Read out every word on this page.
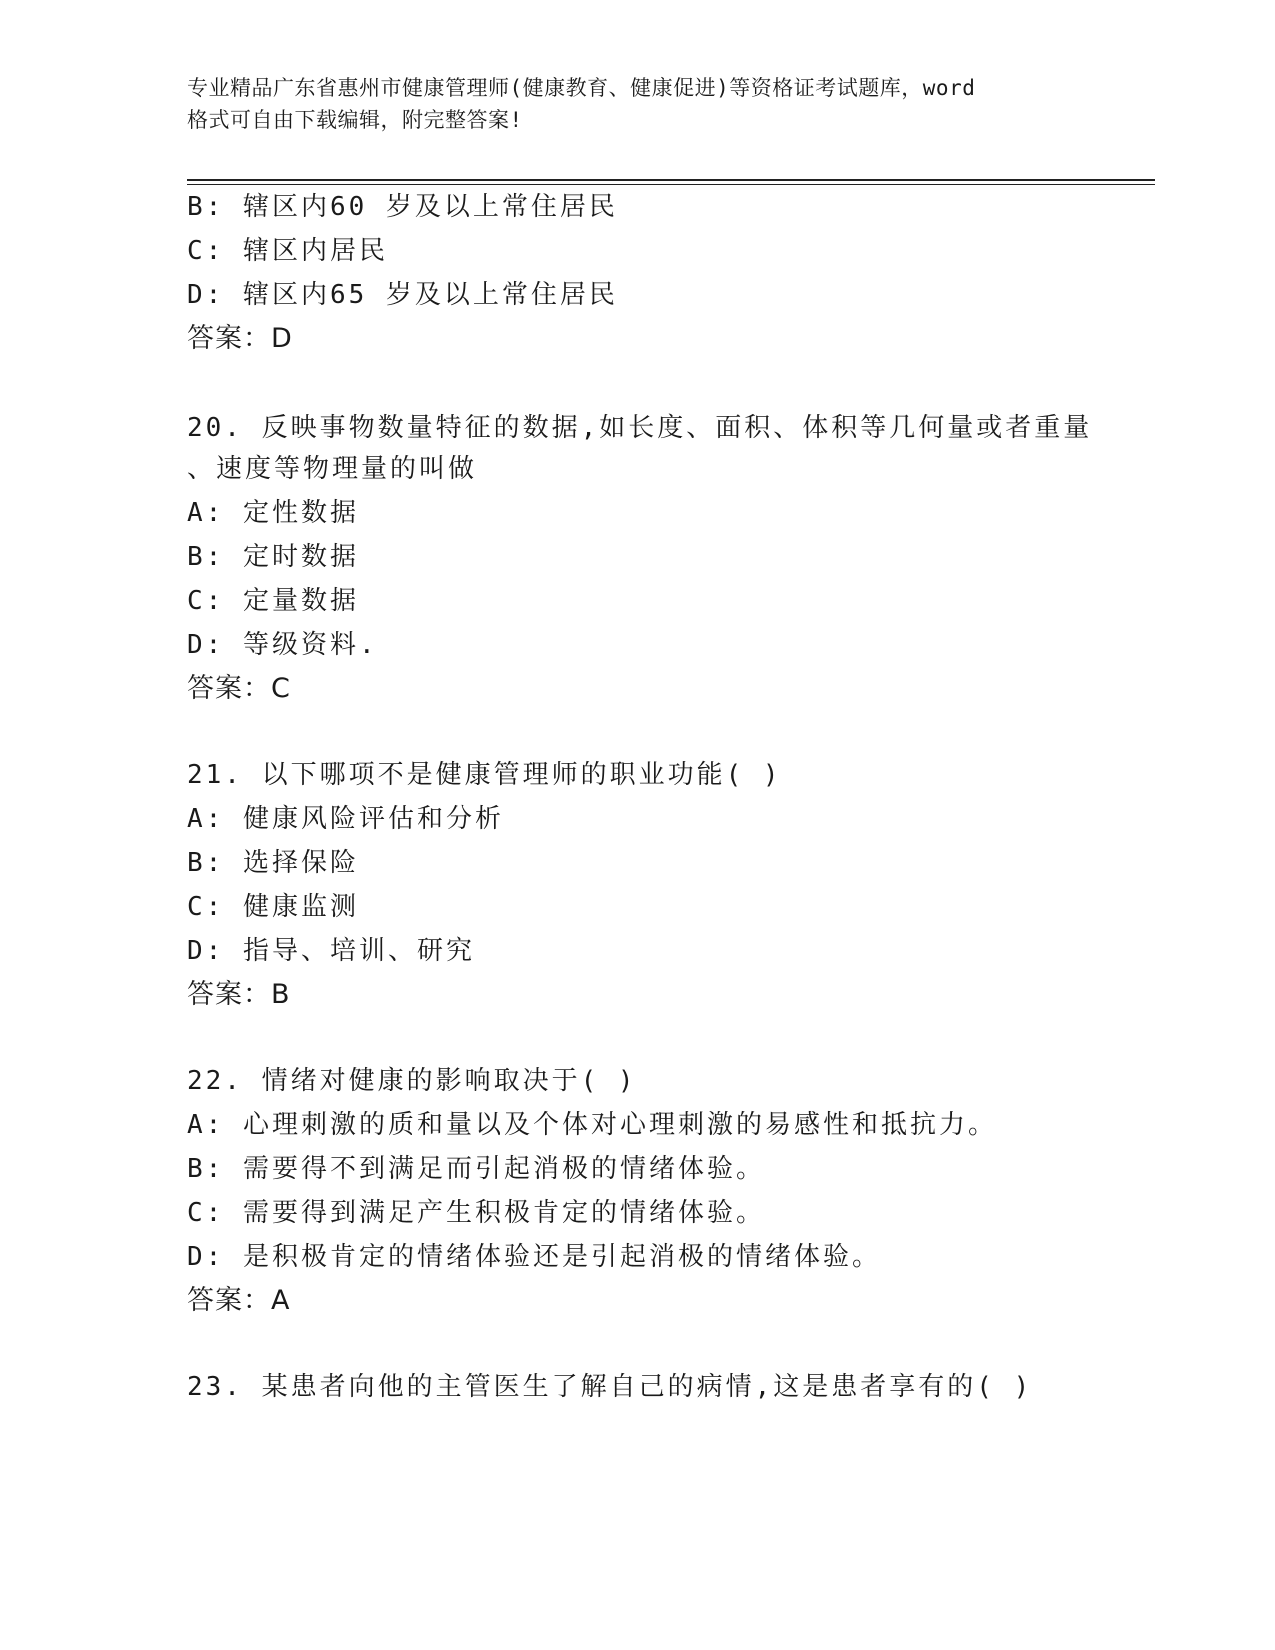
专业精品广东省惠州市健康管理师(健康教育、健康促进)等资格证考试题库，word
格式可自由下载编辑，附完整答案!
B: 辖区内60 岁及以上常住居民
C: 辖区内居民
D: 辖区内65 岁及以上常住居民
答案：D
20. 反映事物数量特征的数据,如长度、面积、体积等几何量或者重量
、速度等物理量的叫做
A: 定性数据
B: 定时数据
C: 定量数据
D: 等级资料.
答案：C
21. 以下哪项不是健康管理师的职业功能( )
A: 健康风险评估和分析
B: 选择保险
C: 健康监测
D: 指导、培训、研究
答案：B
22. 情绪对健康的影响取决于( )
A: 心理刺激的质和量以及个体对心理刺激的易感性和抵抗力。
B: 需要得不到满足而引起消极的情绪体验。
C: 需要得到满足产生积极肯定的情绪体验。
D: 是积极肯定的情绪体验还是引起消极的情绪体验。
答案：A
23. 某患者向他的主管医生了解自己的病情,这是患者享有的( )
